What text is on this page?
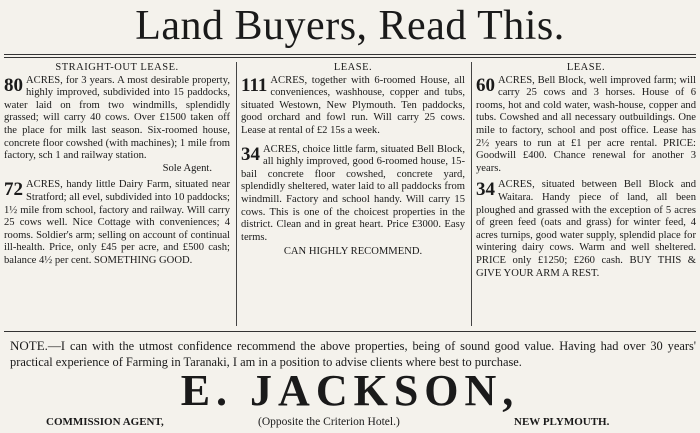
Land Buyers, Read This.
STRAIGHT-OUT LEASE.

80 ACRES, for 3 years. A most desirable property, highly improved, subdivided into 15 paddocks, water laid on from two windmills, splendidly grassed; will carry 40 cows. Over £1500 taken off the place for milk last season. Six-roomed house, concrete floor cowshed (with machines); 1 mile from factory, sch 1 and railway station.

Sole Agent.

72 ACRES, handy little Dairy Farm, situated near Stratford; all evel, subdivided into 10 paddocks; 1½ mile from school, factory and railway. Will carry 25 cows well. Nice Cottage with conveniences; 4 rooms. Soldier's arm; selling on account of continual ill-health. Price, only £45 per acre, and £500 cash; balance 4½ per cent. SOMETHING GOOD.

LEASE.

111 ACRES, together with 6-roomed House, all conveniences, washhouse, copper and tubs, situated Westown, New Plymouth. Ten paddocks, good orchard and fowl run. Will carry 25 cows. Lease at rental of £2 15s a week.

34 ACRES, choice little farm, situated Bell Block, all highly improved, good 6-roomed house, 15-bail concrete floor cowshed, concrete yard, splendidly sheltered, water laid to all paddocks from windmill. Factory and school handy. Will carry 15 cows. This is one of the choicest properties in the district. Clean and in great heart. Price £3000. Easy terms.

CAN HIGHLY RECOMMEND.
LEASE.

60 ACRES, Bell Block, well improved farm; will carry 25 cows and 3 horses. House of 6 rooms, hot and cold water, wash-house, copper and tubs. Cowshed and all necessary outbuildings. One mile to factory, school and post office. Lease has 2½ years to run at £1 per acre rental. PRICE: Goodwill £400. Chance renewal for another 3 years.

34 ACRES, situated between Bell Block and Waitara. Handy piece of land, all been ploughed and grassed with the exception of 5 acres of green feed (oats and grass) for winter feed, 4 acres turnips, good water supply, splendid place for wintering dairy cows. Warm and well sheltered. PRICE only £1250; £260 cash. BUY THIS & GIVE YOUR ARM A REST.

NOTE.—I can with the utmost confidence recommend the above properties, being of sound good value. Having had over 30 years' practical experience of Farming in Taranaki, I am in a position to advise clients where best to purchase.
E. JACKSON,
COMMISSION AGENT,	(Opposite the Criterion Hotel.)	NEW PLYMOUTH.
